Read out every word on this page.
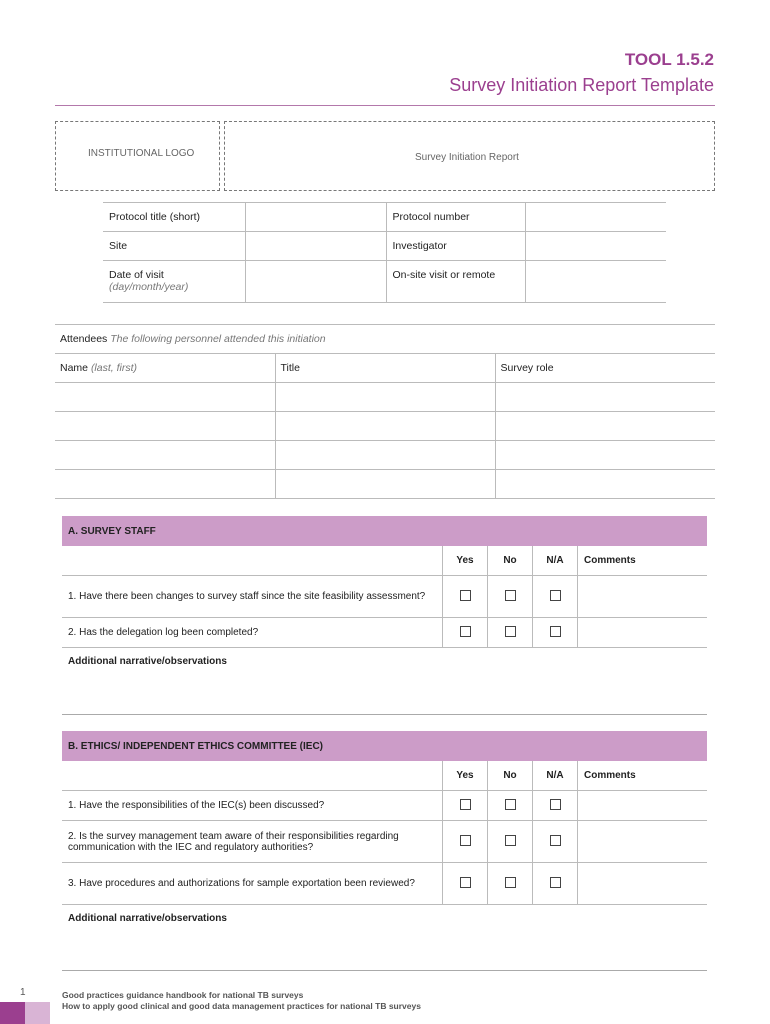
TOOL 1.5.2
Survey Initiation Report Template
INSTITUTIONAL LOGO	Survey Initiation Report
Protocol title (short)		Protocol number	
Site		Investigator	

Date of visit
(day/month/year)		On-site visit or remote	
Attendees The following personnel attended this initiation		
Name (last, first)	Title	Survey role

A. SURVEY STAFF
	Yes	No	N/A	Comments
1. Have there been changes to survey staff since the site feasibility assessment?				
2. Has the delegation log been completed?				
Additional narrative/observations
B. ETHICS/ INDEPENDENT ETHICS COMMITTEE (IEC)
	Yes	No	N/A	Comments
1. Have the responsibilities of the IEC(s) been discussed?				
2. Is the survey management team aware of their responsibilities regarding communication with the IEC and regulatory authorities?				
3. Have procedures and authorizations for sample exportation been reviewed?				
Additional narrative/observations
1	Good practices guidance handbook for national TB surveys
How to apply good clinical and good data management practices for national TB surveys
